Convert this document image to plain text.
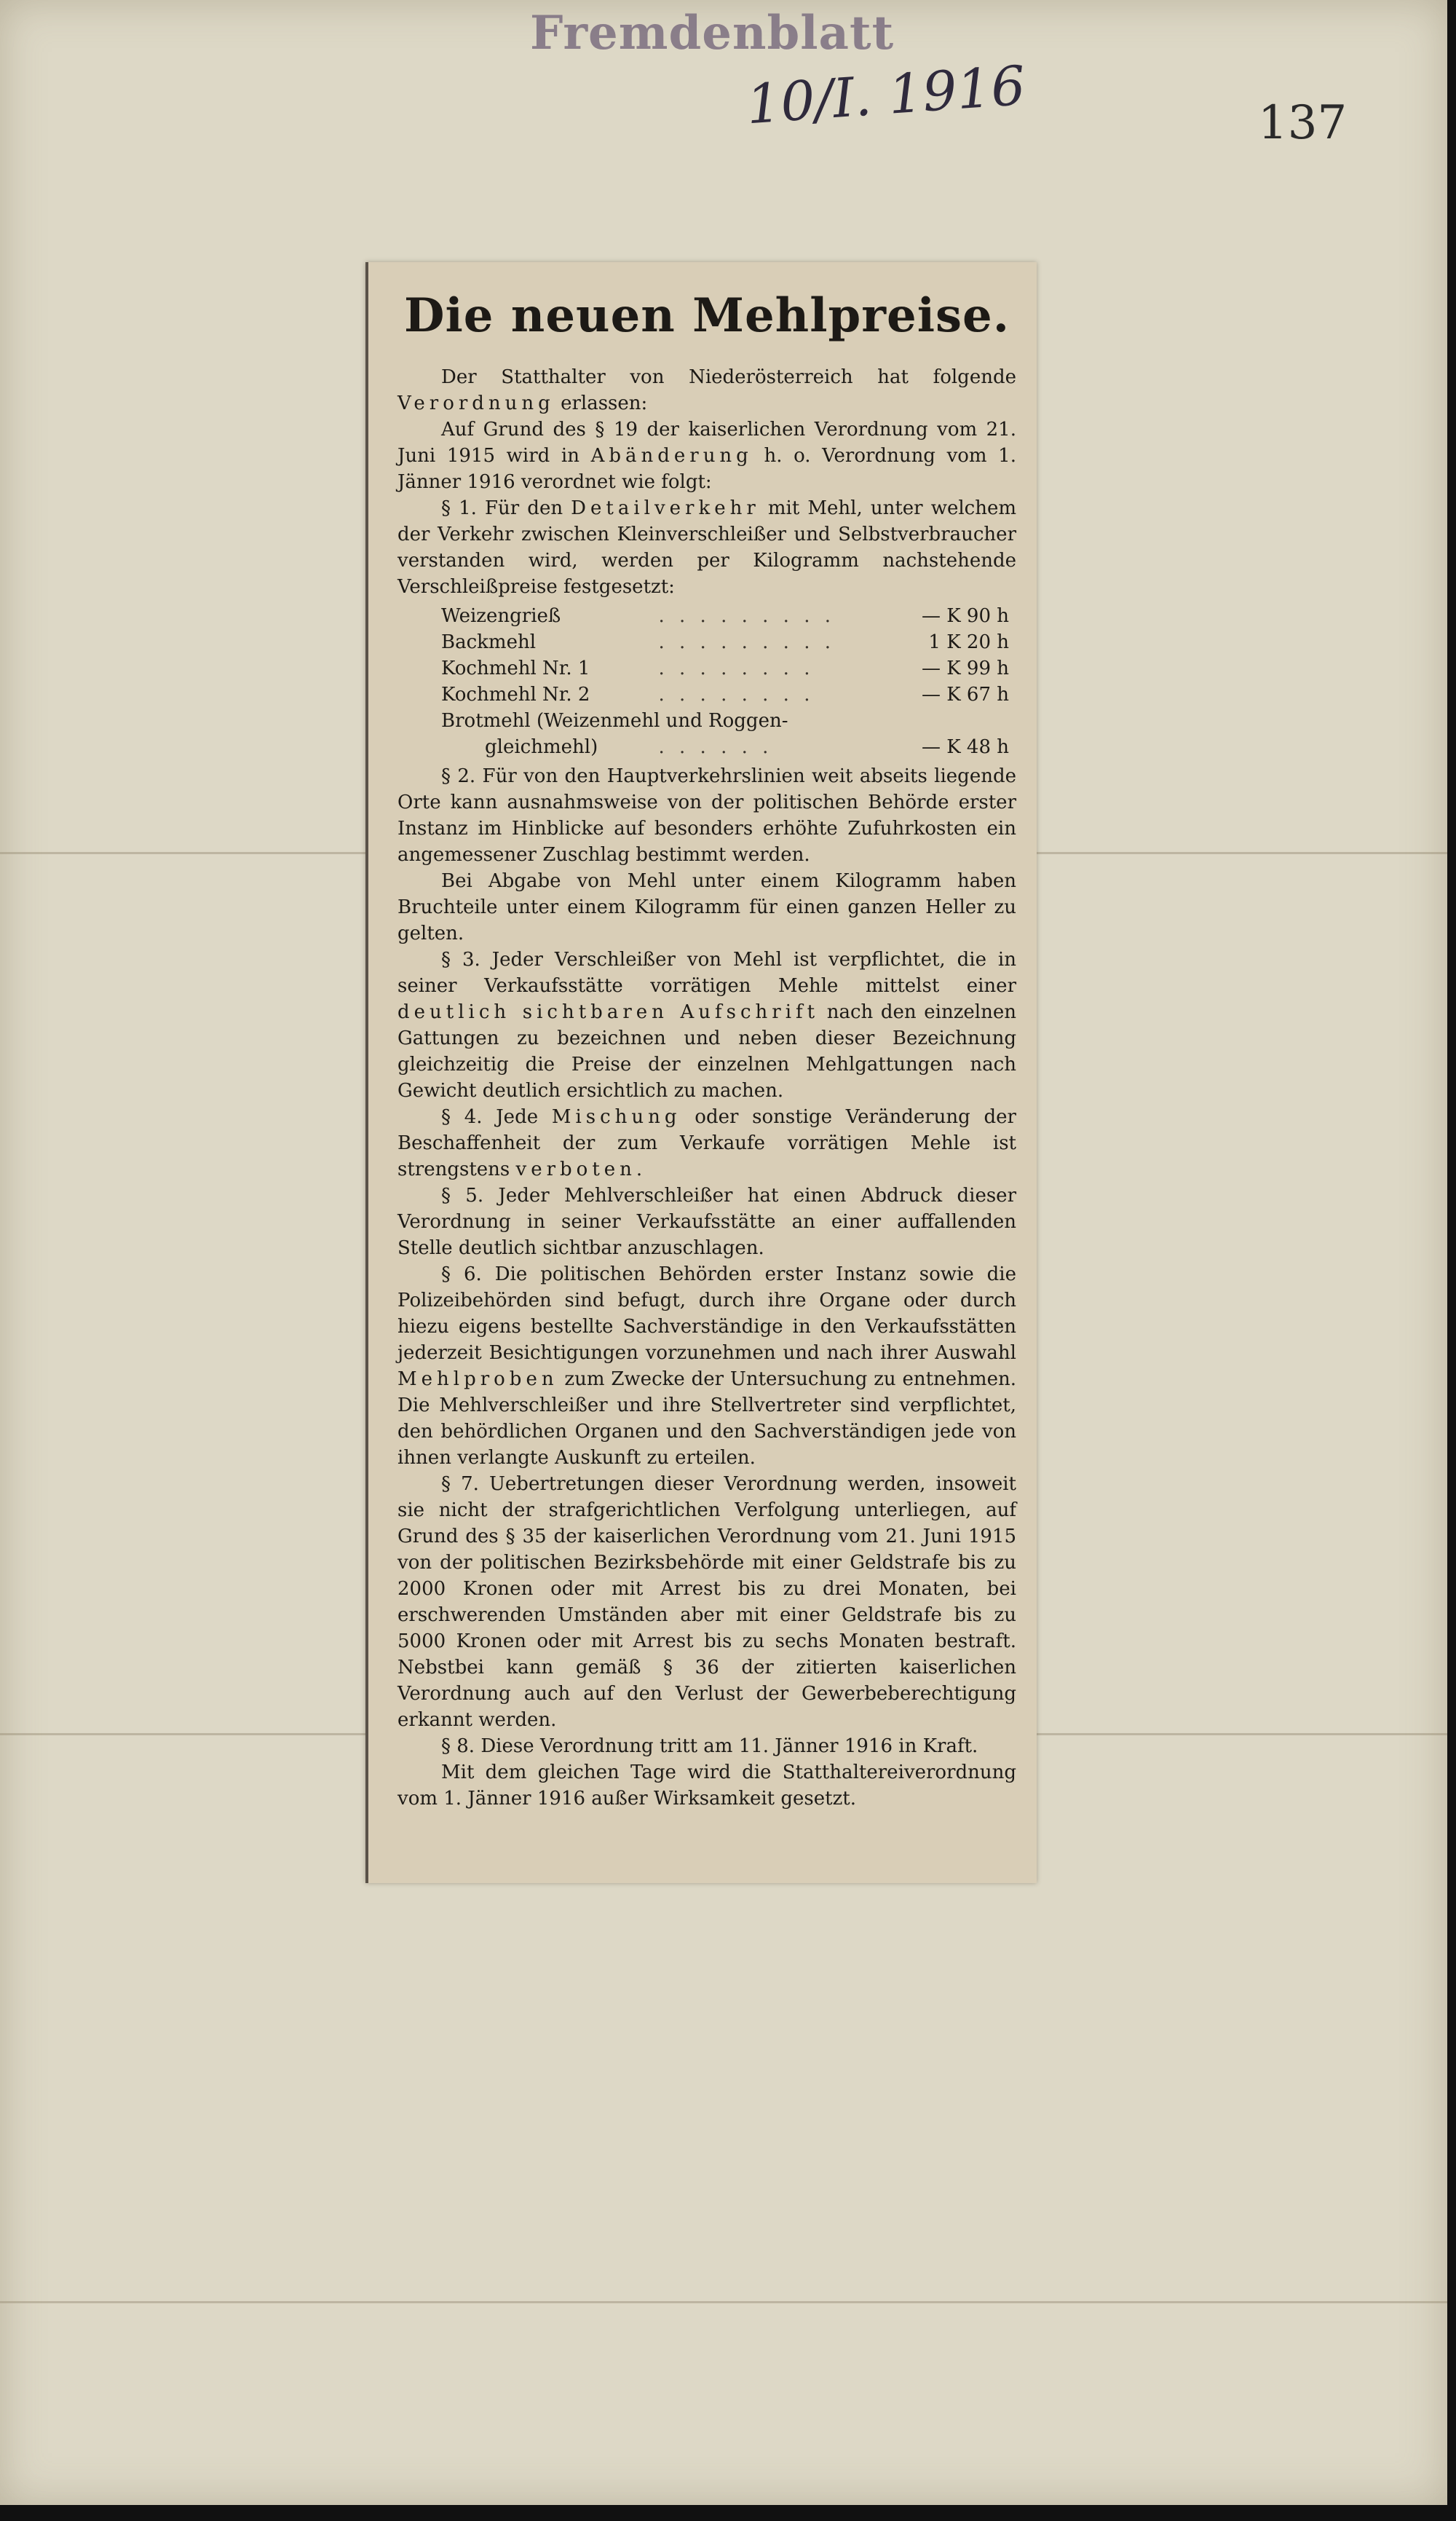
Fremdenblatt
10/I. 1916	137
Die neuen Mehlpreise.

Der Statthalter von Niederösterreich hat folgende Verordnung erlassen:

Auf Grund des § 19 der kaiserlichen Verordnung vom 21. Juni 1915 wird in Abänderung h. o. Verordnung vom 1. Jänner 1916 verordnet wie folgt:

§ 1. Für den Detailverkehr mit Mehl, unter welchem der Verkehr zwischen Kleinverschleißer und Selbstverbraucher verstanden wird, werden per Kilogramm nachstehende Verschleißpreise festgesetzt:

Weizengrieß	. . . . . . . . .	— K 90 h
Backmehl	. . . . . . . . .	1 K 20 h
Kochmehl Nr. 1	. . . . . . . .	— K 99 h
Kochmehl Nr. 2	. . . . . . . .	— K 67 h
Brotmehl (Weizenmehl und Roggen-		
gleichmehl)	. . . . . .	— K 48 h

§ 2. Für von den Hauptverkehrslinien weit abseits liegende Orte kann ausnahmsweise von der politischen Behörde erster Instanz im Hinblicke auf besonders erhöhte Zufuhrkosten ein angemessener Zuschlag bestimmt werden.

Bei Abgabe von Mehl unter einem Kilogramm haben Bruchteile unter einem Kilogramm für einen ganzen Heller zu gelten.

§ 3. Jeder Verschleißer von Mehl ist verpflichtet, die in seiner Verkaufsstätte vorrätigen Mehle mittelst einer deutlich sichtbaren Aufschrift nach den einzelnen Gattungen zu bezeichnen und neben dieser Bezeichnung gleichzeitig die Preise der einzelnen Mehlgattungen nach Gewicht deutlich ersichtlich zu machen.

§ 4. Jede Mischung oder sonstige Veränderung der Beschaffenheit der zum Verkaufe vorrätigen Mehle ist strengstens verboten.

§ 5. Jeder Mehlverschleißer hat einen Abdruck dieser Verordnung in seiner Verkaufsstätte an einer auffallenden Stelle deutlich sichtbar anzuschlagen.

§ 6. Die politischen Behörden erster Instanz sowie die Polizeibehörden sind befugt, durch ihre Organe oder durch hiezu eigens bestellte Sachverständige in den Verkaufsstätten jederzeit Besichtigungen vorzunehmen und nach ihrer Auswahl Mehlproben zum Zwecke der Untersuchung zu entnehmen. Die Mehlverschleißer und ihre Stellvertreter sind verpflichtet, den behördlichen Organen und den Sachverständigen jede von ihnen verlangte Auskunft zu erteilen.

§ 7. Uebertretungen dieser Verordnung werden, insoweit sie nicht der strafgerichtlichen Verfolgung unterliegen, auf Grund des § 35 der kaiserlichen Verordnung vom 21. Juni 1915 von der politischen Bezirksbehörde mit einer Geldstrafe bis zu 2000 Kronen oder mit Arrest bis zu drei Monaten, bei erschwerenden Umständen aber mit einer Geldstrafe bis zu 5000 Kronen oder mit Arrest bis zu sechs Monaten bestraft. Nebstbei kann gemäß § 36 der zitierten kaiserlichen Verordnung auch auf den Verlust der Gewerbeberechtigung erkannt werden.

§ 8. Diese Verordnung tritt am 11. Jänner 1916 in Kraft.

Mit dem gleichen Tage wird die Statthaltereiverordnung vom 1. Jänner 1916 außer Wirksamkeit gesetzt.
